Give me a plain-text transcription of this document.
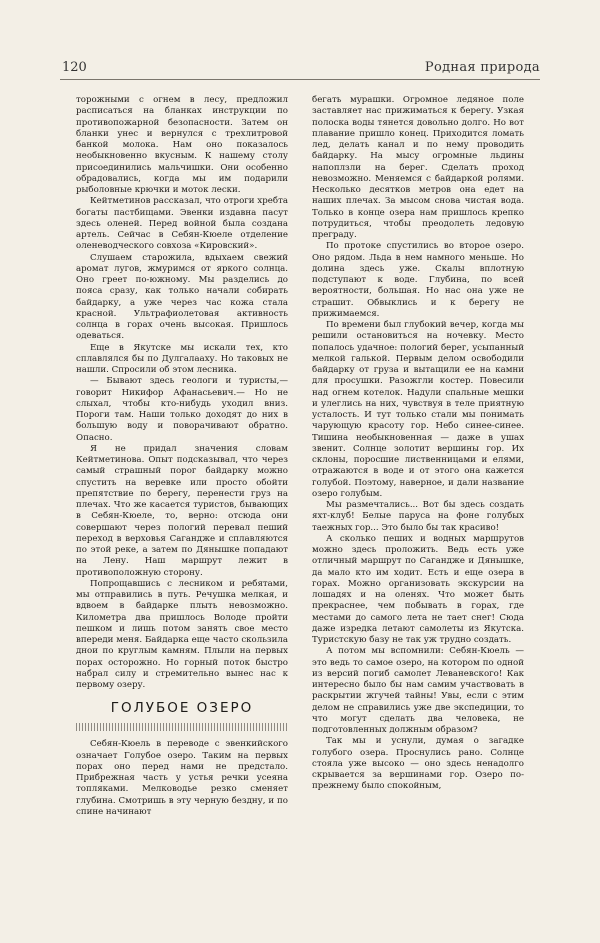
120	Родная природа

торожными с огнем в лесу, предложил расписаться на бланках инструкции по противопожарной безопасности. Затем он бланки унес и вернулся с трехлитровой банкой молока. Нам оно показалось необыкновенно вкусным. К нашему столу присоединились мальчишки. Они особенно обрадовались, когда мы им подарили рыболовные крючки и моток лески.

Кейтметинов рассказал, что отроги хребта богаты пастбищами. Эвенки издавна пасут здесь оленей. Перед войной была создана артель. Сейчас в Себян-Кюеле отделение оленеводческого совхоза «Кировский».

Слушаем старожила, вдыхаем свежий аромат лугов, жмуримся от яркого солнца. Оно греет по-южному. Мы разделись до пояса сразу, как только начали собирать байдарку, а уже через час кожа стала красной. Ультрафиолетовая активность солнца в горах очень высокая. Пришлось одеваться.

Еще в Якутске мы искали тех, кто сплавлялся бы по Дулгалааху. Но таковых не нашли. Спросили об этом лесника.

— Бывают здесь геологи и туристы,— говорит Никифор Афанасьевич.— Но не слыхал, чтобы кто-нибудь уходил вниз. Пороги там. Наши только доходят до них в большую воду и поворачивают обратно. Опасно.

Я не придал значения словам Кейтметинова. Опыт подсказывал, что через самый страшный порог байдарку можно спустить на веревке или просто обойти препятствие по берегу, перенести груз на плечах. Что же касается туристов, бывающих в Себян-Кюеле, то, верно: отсюда они совершают через пологий перевал пеший переход в верховья Сагандже и сплавляются по этой реке, а затем по Дянышке попадают на Лену. Наш маршрут лежит в противоположную сторону.

Попрощавшись с лесником и ребятами, мы отправились в путь. Речушка мелкая, и вдвоем в байдарке плыть невозможно. Километра два пришлось Володе пройти пешком и лишь потом занять свое место впереди меня. Байдарка еще часто скользила днои по круглым камням. Плыли на первых порах осторожно. Но горный поток быстро набрал силу и стремительно вынес нас к первому озеру.

ГОЛУБОЕ ОЗЕРО

Себян-Кюель в переводе с эвенкийского означает Голубое озеро. Таким на первых порах оно перед нами не предстало. Прибрежная часть у устья речки усеяна топляками. Мелководье резко сменяет глубина. Смотришь в эту черную бездну, и по спине начинают

бегать мурашки. Огромное ледяное поле заставляет нас прижиматься к берегу. Узкая полоска воды тянется довольно долго. Но вот плавание пришло конец. Приходится ломать лед, делать канал и по нему проводить байдарку. На мысу огромные льдины напоплзли на берег. Сделать проход невозможно. Меняемся с байдаркой ролями. Несколько десятков метров она едет на наших плечах. За мысом снова чистая вода. Только в конце озера нам пришлось крепко потрудиться, чтобы преодолеть ледовую преграду.

По протоке спустились во второе озеро. Оно рядом. Льда в нем намного меньше. Но долина здесь уже. Скалы вплотную подступают к воде. Глубина, по всей вероятности, большая. Но нас она уже не страшит. Обвыклись и к берегу не прижимаемся.

По времени был глубокий вечер, когда мы решили остановиться на ночевку. Место попалось удачное: пологий берег, усыпанный мелкой галькой. Первым делом освободили байдарку от груза и вытащили ее на камни для просушки. Разожгли костер. Повесили над огнем котелок. Надули спальные мешки и улеглись на них, чувствуя в теле приятную усталость. И тут только стали мы понимать чарующую красоту гор. Небо синее-синее. Тишина необыкновенная — даже в ушах звенит. Солнце золотит вершины гор. Их склоны, поросшие лиственницами и елями, отражаются в воде и от этого она кажется голубой. Поэтому, наверное, и дали название озеро голубым.

Мы размечтались... Вот бы здесь создать яхт-клуб! Белые паруса на фоне голубых таежных гор... Это было бы так красиво!

А сколько пеших и водных маршрутов можно здесь проложить. Ведь есть уже отличный маршрут по Сагандже и Дянышке, да мало кто им ходит. Есть и еще озера в горах. Можно организовать экскурсии на лошадях и на оленях. Что может быть прекраснее, чем побывать в горах, где местами до самого лета не тает снег! Сюда даже изредка летают самолеты из Якутска. Туристскую базу не так уж трудно создать.

А потом мы вспомнили: Себян-Кюель — это ведь то самое озеро, на котором по одной из версий погиб самолет Леваневского! Как интересно было бы нам самим участвовать в раскрытии жгучей тайны! Увы, если с этим делом не справились уже две экспедиции, то что могут сделать два человека, не подготовленных должным образом?

Так мы и уснули, думая о загадке голубого озера. Проснулись рано. Солнце стояла уже высоко — оно здесь ненадолго скрывается за вершинами гор. Озеро по-прежнему было спокойным,
